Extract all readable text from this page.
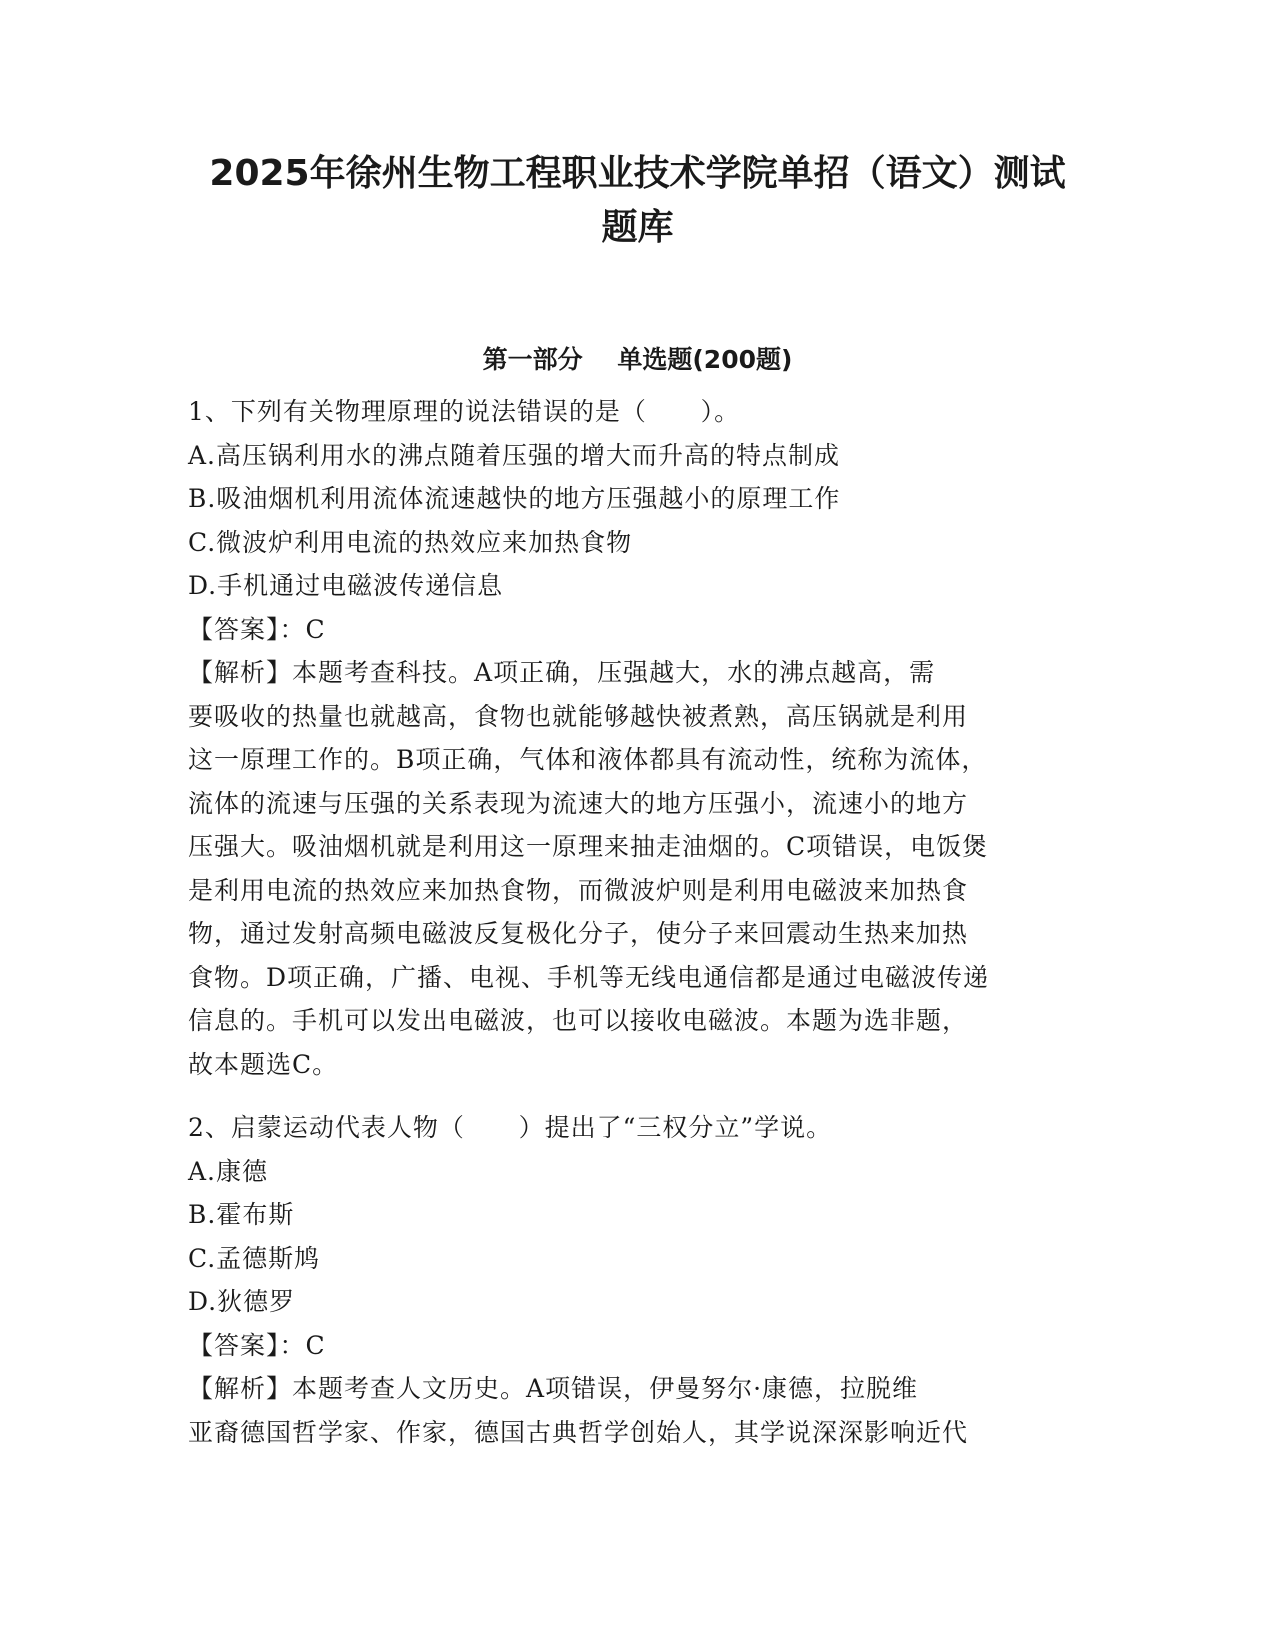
2025年徐州生物工程职业技术学院单招（语文）测试
题库
第一部分    单选题(200题)
1、下列有关物理原理的说法错误的是（      ）。
A.高压锅利用水的沸点随着压强的增大而升高的特点制成
B.吸油烟机利用流体流速越快的地方压强越小的原理工作
C.微波炉利用电流的热效应来加热食物
D.手机通过电磁波传递信息
【答案】：C
【解析】本题考查科技。A项正确，压强越大，水的沸点越高，需
要吸收的热量也就越高，食物也就能够越快被煮熟，高压锅就是利用
这一原理工作的。B项正确，气体和液体都具有流动性，统称为流体，
流体的流速与压强的关系表现为流速大的地方压强小，流速小的地方
压强大。吸油烟机就是利用这一原理来抽走油烟的。C项错误，电饭煲
是利用电流的热效应来加热食物，而微波炉则是利用电磁波来加热食
物，通过发射高频电磁波反复极化分子，使分子来回震动生热来加热
食物。D项正确，广播、电视、手机等无线电通信都是通过电磁波传递
信息的。手机可以发出电磁波，也可以接收电磁波。本题为选非题，
故本题选C。
2、启蒙运动代表人物（      ）提出了“三权分立”学说。
A.康德
B.霍布斯
C.孟德斯鸠
D.狄德罗
【答案】：C
【解析】本题考查人文历史。A项错误，伊曼努尔·康德，拉脱维
亚裔德国哲学家、作家，德国古典哲学创始人，其学说深深影响近代
